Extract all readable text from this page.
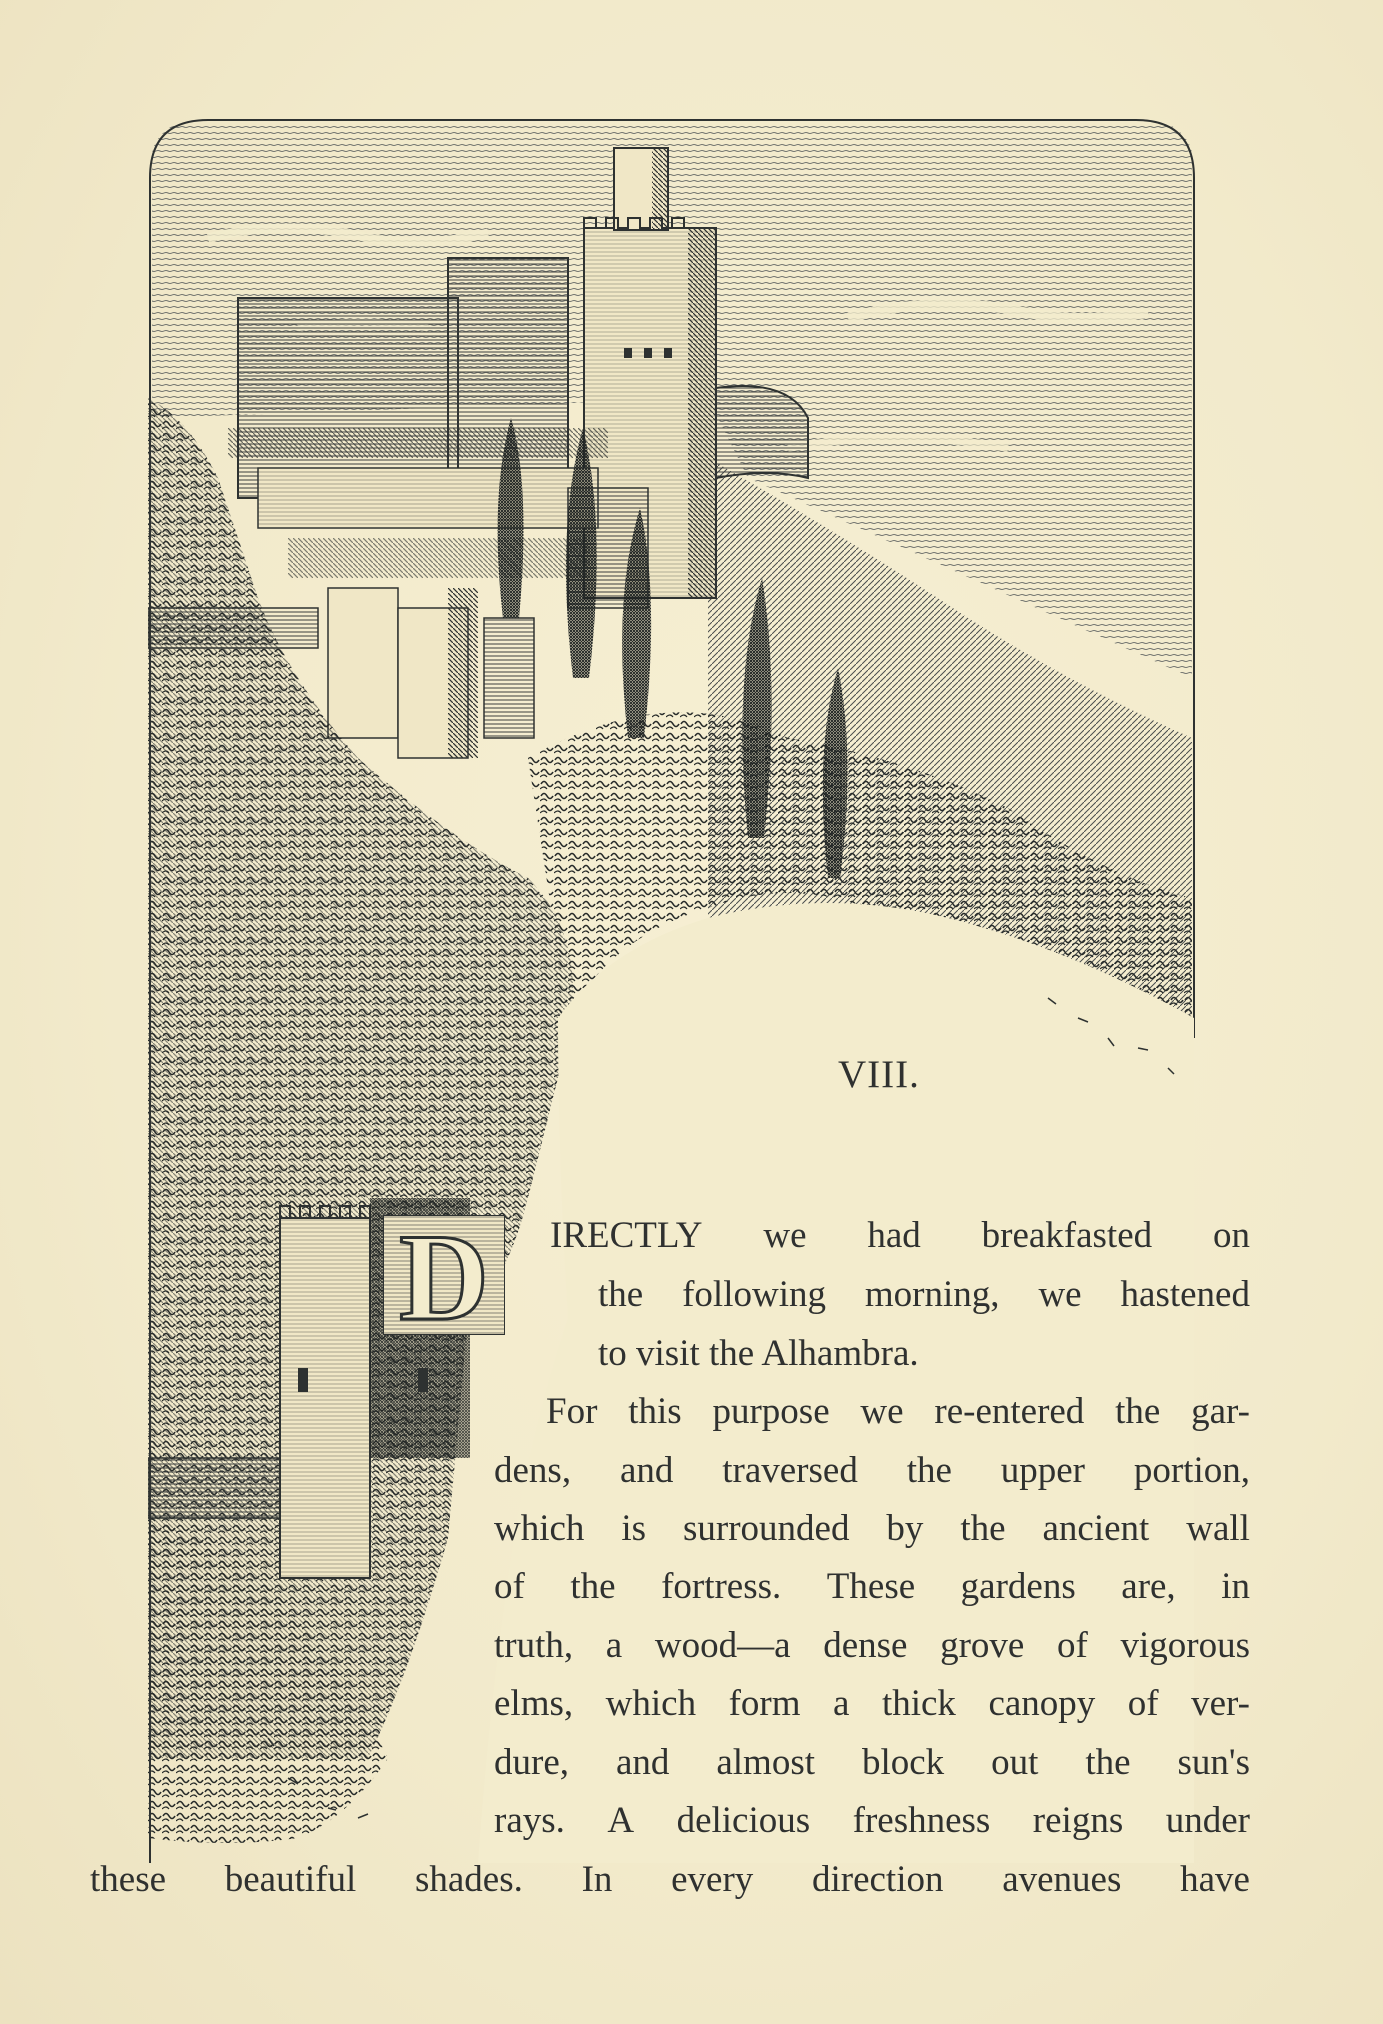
VIII.
D IRECTLY we had breakfasted on
the following morning, we hastened
to visit the Alhambra.
For this purpose we re-entered the gar-
dens, and traversed the upper portion,
which is surrounded by the ancient wall
of the fortress. These gardens are, in
truth, a wood—a dense grove of vigorous
elms, which form a thick canopy of ver-
dure, and almost block out the sun's
rays. A delicious freshness reigns under
these beautiful shades. In every direction avenues have
